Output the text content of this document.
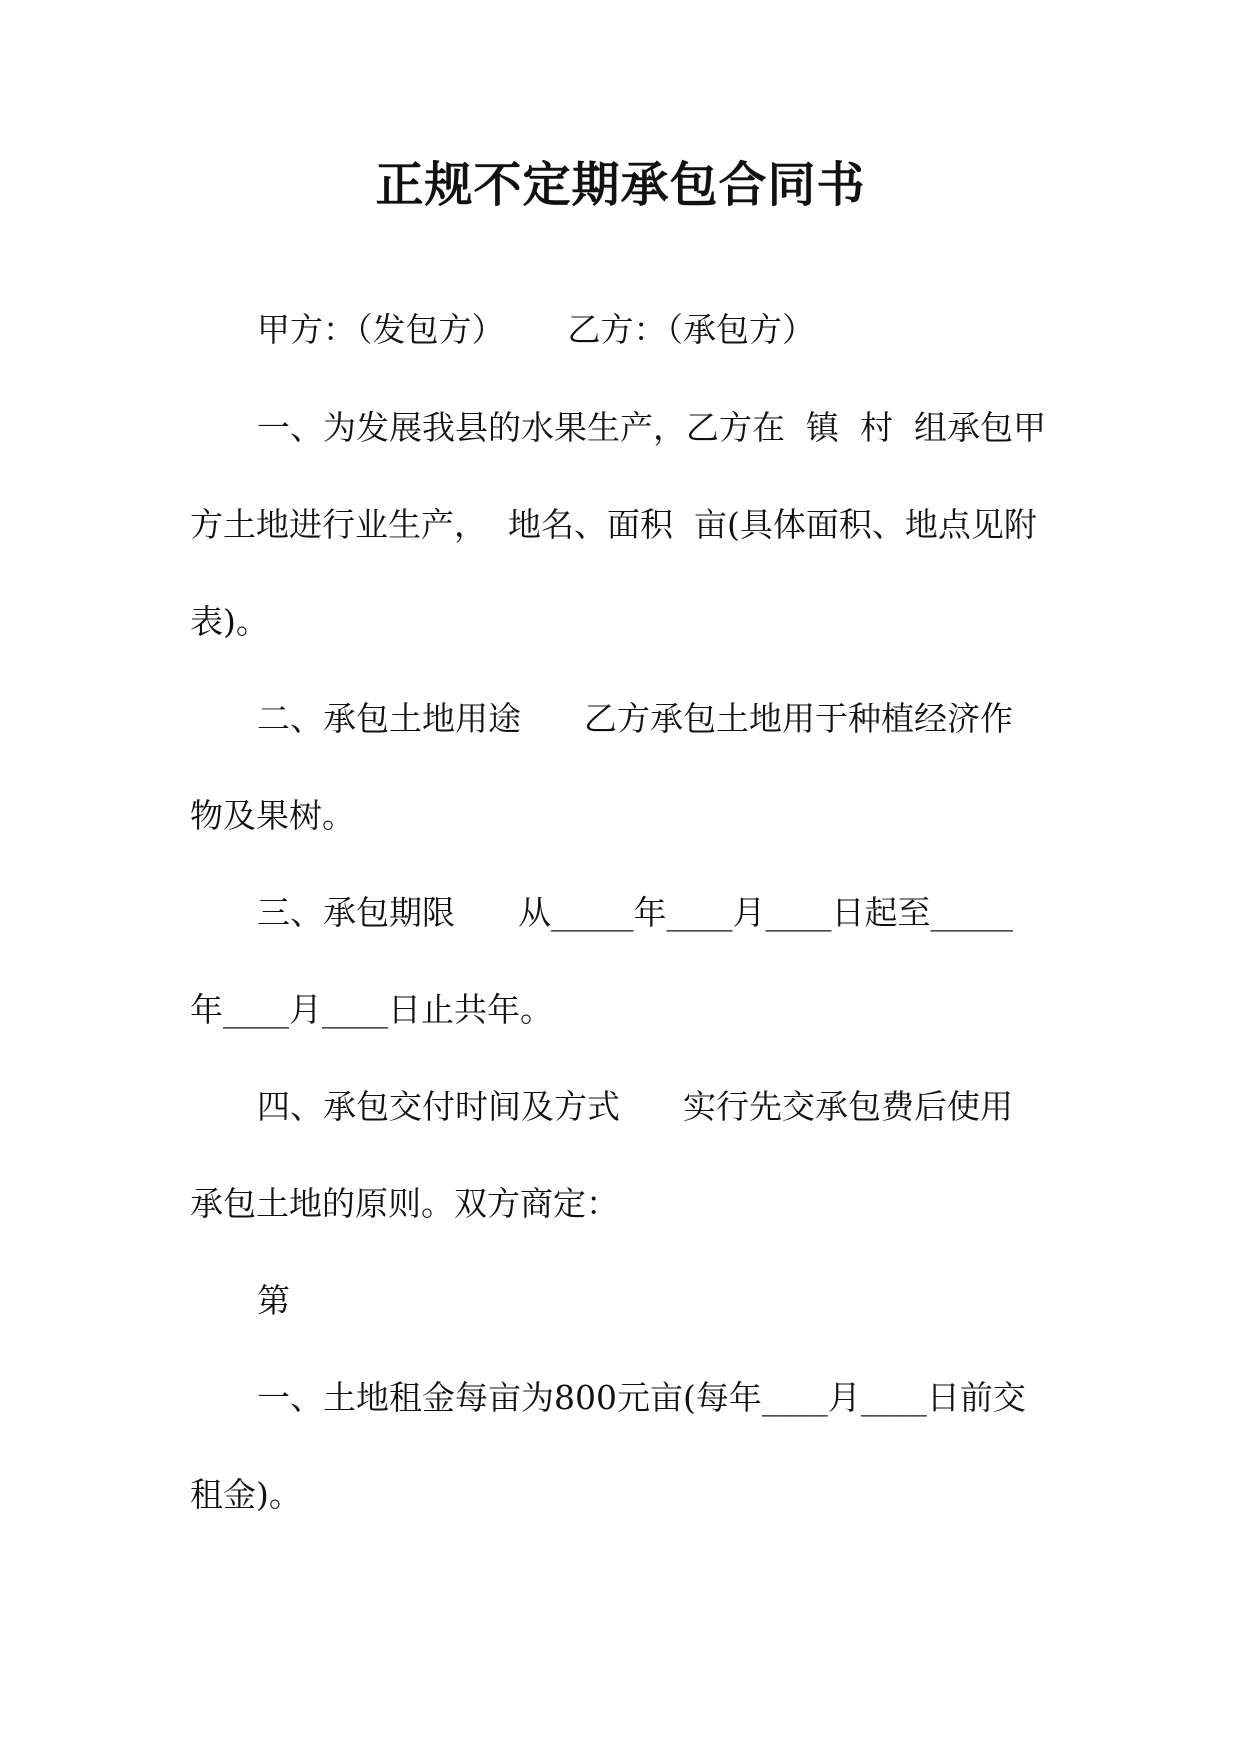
正规不定期承包合同书
甲方：（发包方）      乙方：（承包方）
一、为发展我县的水果生产，乙方在  镇  村  组承包甲
方土地进行业生产，  地名、面积  亩(具体面积、地点见附
表)。
二、承包土地用途      乙方承包土地用于种植经济作
物及果树。
三、承包期限      从_____年____月____日起至_____
年____月____日止共年。
四、承包交付时间及方式      实行先交承包费后使用
承包土地的原则。双方商定：
第
一、土地租金每亩为800元亩(每年____月____日前交
租金)。
